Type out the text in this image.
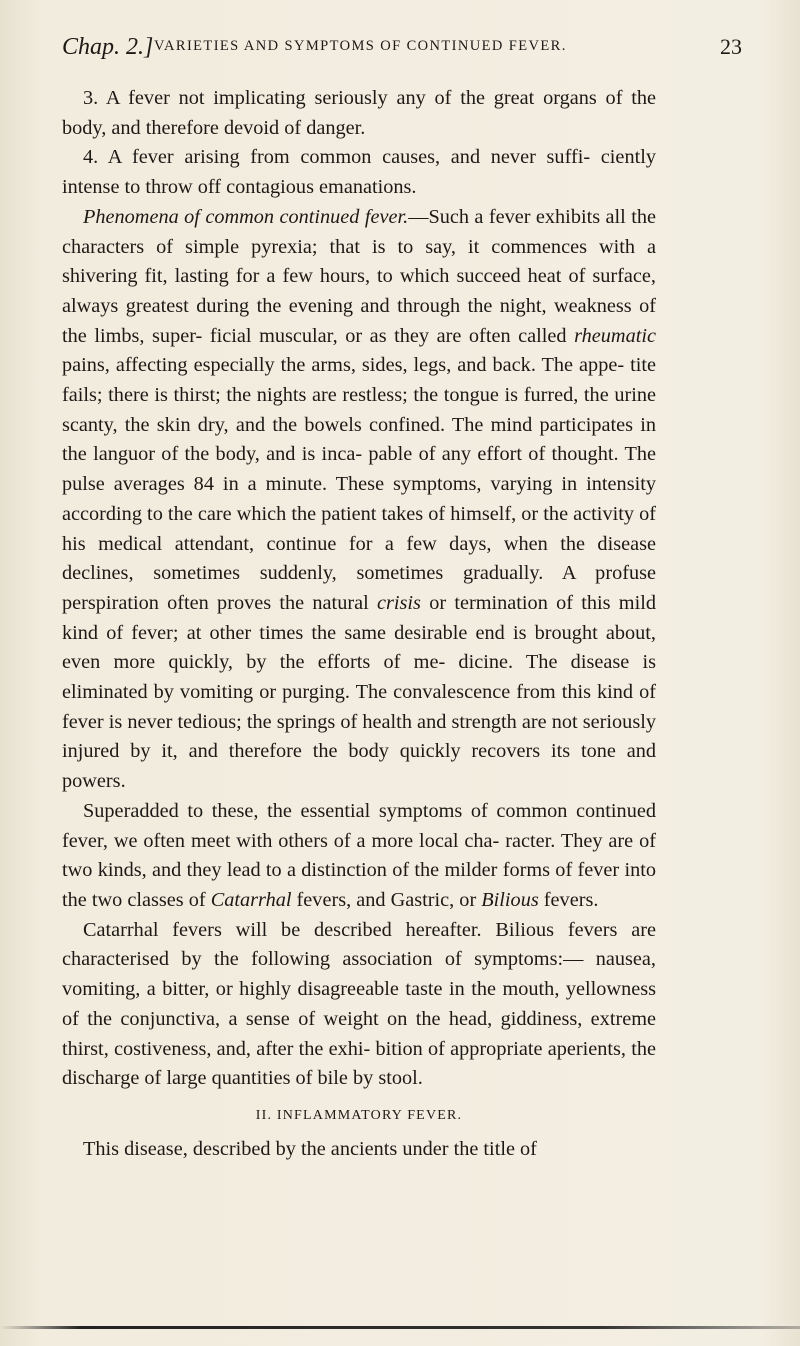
Chap. 2.] VARIETIES AND SYMPTOMS OF CONTINUED FEVER.	23

3. A fever not implicating seriously any of the great organs of the body, and therefore devoid of danger.

4. A fever arising from common causes, and never suffi- ciently intense to throw off contagious emanations.

Phenomena of common continued fever.—Such a fever exhibits all the characters of simple pyrexia; that is to say, it commences with a shivering fit, lasting for a few hours, to which succeed heat of surface, always greatest during the evening and through the night, weakness of the limbs, super- ficial muscular, or as they are often called rheumatic pains, affecting especially the arms, sides, legs, and back. The appe- tite fails; there is thirst; the nights are restless; the tongue is furred, the urine scanty, the skin dry, and the bowels confined. The mind participates in the languor of the body, and is inca- pable of any effort of thought. The pulse averages 84 in a minute. These symptoms, varying in intensity according to the care which the patient takes of himself, or the activity of his medical attendant, continue for a few days, when the disease declines, sometimes suddenly, sometimes gradually. A profuse perspiration often proves the natural crisis or termination of this mild kind of fever; at other times the same desirable end is brought about, even more quickly, by the efforts of me- dicine. The disease is eliminated by vomiting or purging. The convalescence from this kind of fever is never tedious; the springs of health and strength are not seriously injured by it, and therefore the body quickly recovers its tone and powers.

Superadded to these, the essential symptoms of common continued fever, we often meet with others of a more local cha- racter. They are of two kinds, and they lead to a distinction of the milder forms of fever into the two classes of Catarrhal fevers, and Gastric, or Bilious fevers.

Catarrhal fevers will be described hereafter. Bilious fevers are characterised by the following association of symptoms:— nausea, vomiting, a bitter, or highly disagreeable taste in the mouth, yellowness of the conjunctiva, a sense of weight on the head, giddiness, extreme thirst, costiveness, and, after the exhi- bition of appropriate aperients, the discharge of large quantities of bile by stool.

II. INFLAMMATORY FEVER.

This disease, described by the ancients under the title of
